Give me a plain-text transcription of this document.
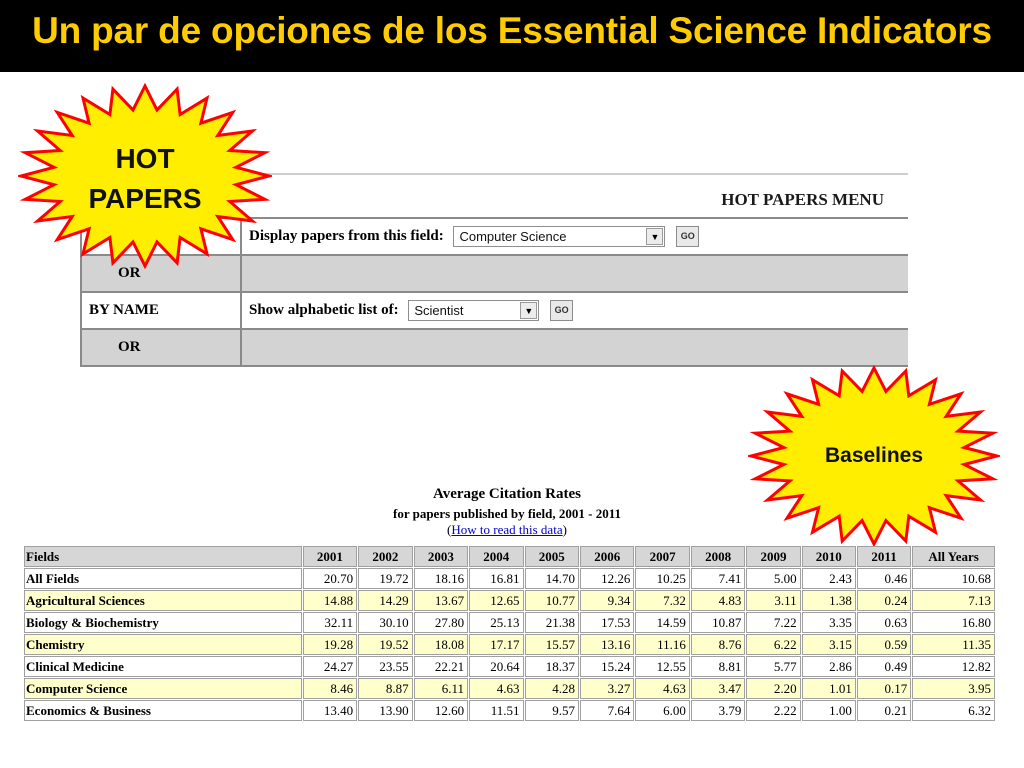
Un par de opciones de los Essential Science Indicators
HOT PAPERS MENU
	Display papers from this field: Computer Science ▼ GO
OR	
BY NAME	Show alphabetic list of: Scientist ▼ GO
OR	
HOT
PAPERS
Baselines
Average Citation Rates
for papers published by field, 2001 - 2011
(How to read this data)
Fields	2001	2002	2003	2004	2005	2006	2007	2008	2009	2010	2011	All Years
All Fields	20.70	19.72	18.16	16.81	14.70	12.26	10.25	7.41	5.00	2.43	0.46	10.68
Agricultural Sciences	14.88	14.29	13.67	12.65	10.77	9.34	7.32	4.83	3.11	1.38	0.24	7.13
Biology & Biochemistry	32.11	30.10	27.80	25.13	21.38	17.53	14.59	10.87	7.22	3.35	0.63	16.80
Chemistry	19.28	19.52	18.08	17.17	15.57	13.16	11.16	8.76	6.22	3.15	0.59	11.35
Clinical Medicine	24.27	23.55	22.21	20.64	18.37	15.24	12.55	8.81	5.77	2.86	0.49	12.82
Computer Science	8.46	8.87	6.11	4.63	4.28	3.27	4.63	3.47	2.20	1.01	0.17	3.95
Economics & Business	13.40	13.90	12.60	11.51	9.57	7.64	6.00	3.79	2.22	1.00	0.21	6.32
